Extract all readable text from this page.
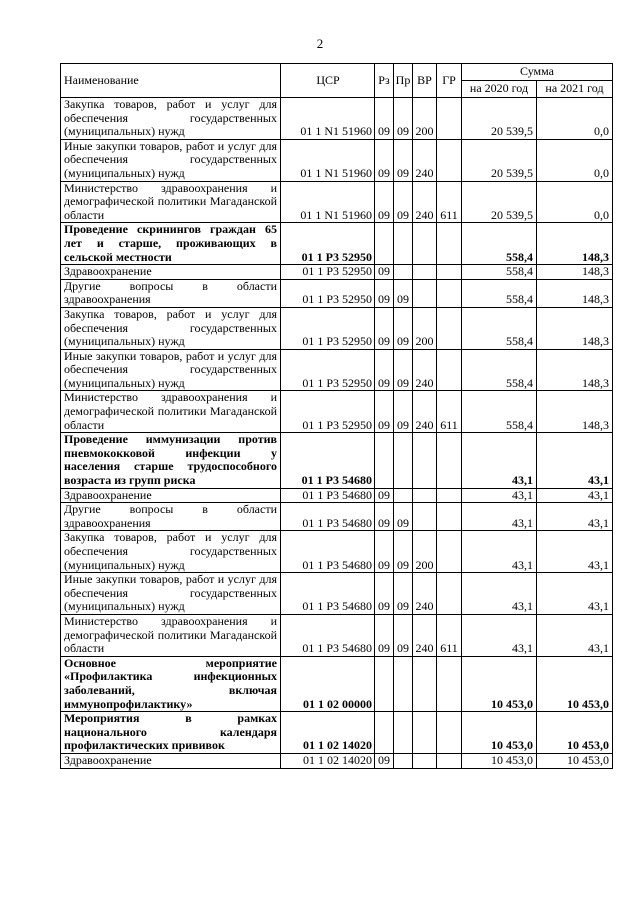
2
Наименование	ЦСР	Рз	Пр	ВР	ГР	Сумма	
						на 2020 год	на 2021 год
Закупка товаров, работ и услуг для обеспечения государственных (муниципальных) нужд	01 1 N1 51960	09	09	200		20 539,5	0,0
Иные закупки товаров, работ и услуг для обеспечения государственных (муниципальных) нужд	01 1 N1 51960	09	09	240		20 539,5	0,0
Министерство здравоохранения и демографической политики Магаданской области	01 1 N1 51960	09	09	240	611	20 539,5	0,0
Проведение скринингов граждан 65 лет и старше, проживающих в сельской местности	01 1 P3 52950					558,4	148,3
Здравоохранение	01 1 P3 52950	09				558,4	148,3
Другие вопросы в области здравоохранения	01 1 P3 52950	09	09			558,4	148,3
Закупка товаров, работ и услуг для обеспечения государственных (муниципальных) нужд	01 1 P3 52950	09	09	200		558,4	148,3
Иные закупки товаров, работ и услуг для обеспечения государственных (муниципальных) нужд	01 1 P3 52950	09	09	240		558,4	148,3
Министерство здравоохранения и демографической политики Магаданской области	01 1 P3 52950	09	09	240	611	558,4	148,3
Проведение иммунизации против пневмококковой инфекции у населения старше трудоспособного возраста из групп риска	01 1 P3 54680					43,1	43,1
Здравоохранение	01 1 P3 54680	09				43,1	43,1
Другие вопросы в области здравоохранения	01 1 P3 54680	09	09			43,1	43,1
Закупка товаров, работ и услуг для обеспечения государственных (муниципальных) нужд	01 1 P3 54680	09	09	200		43,1	43,1
Иные закупки товаров, работ и услуг для обеспечения государственных (муниципальных) нужд	01 1 P3 54680	09	09	240		43,1	43,1
Министерство здравоохранения и демографической политики Магаданской области	01 1 P3 54680	09	09	240	611	43,1	43,1
Основное мероприятие «Профилактика инфекционных заболеваний, включая иммунопрофилактику»	01 1 02 00000					10 453,0	10 453,0
Мероприятия в рамках национального календаря профилактических прививок	01 1 02 14020					10 453,0	10 453,0
Здравоохранение	01 1 02 14020	09				10 453,0	10 453,0
